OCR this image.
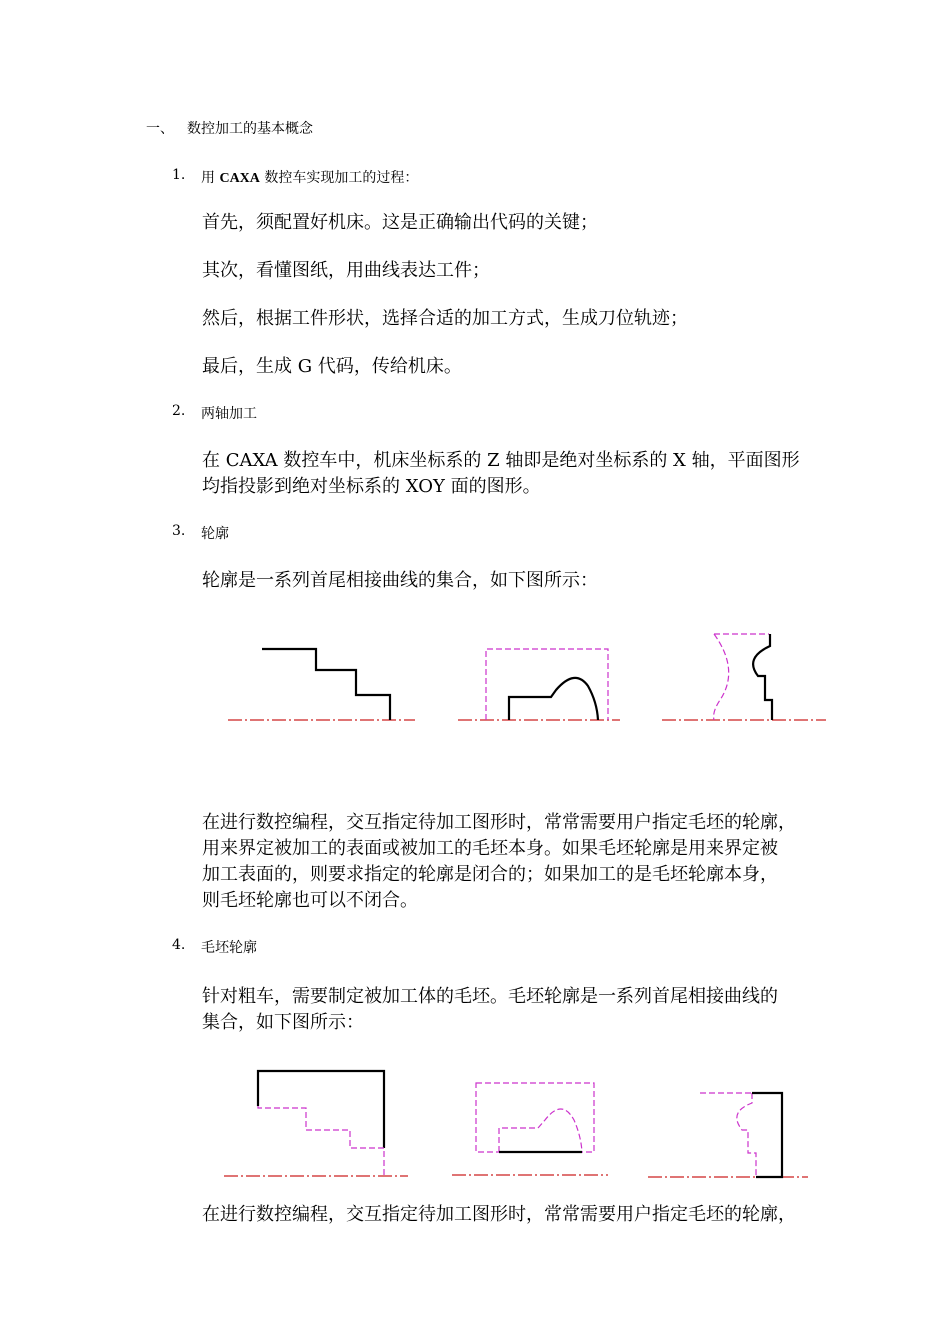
一、 数控加工的基本概念
1. 用 CAXA 数控车实现加工的过程：
首先，须配置好机床。这是正确输出代码的关键；
其次，看懂图纸，用曲线表达工件；
然后，根据工件形状，选择合适的加工方式，生成刀位轨迹；
最后，生成 G 代码，传给机床。
2. 两轴加工
在 CAXA 数控车中，机床坐标系的 Z 轴即是绝对坐标系的 X 轴，平面图形
均指投影到绝对坐标系的 XOY 面的图形。
3. 轮廓
轮廓是一系列首尾相接曲线的集合，如下图所示：
在进行数控编程，交互指定待加工图形时，常常需要用户指定毛坯的轮廓，
用来界定被加工的表面或被加工的毛坯本身。如果毛坯轮廓是用来界定被
加工表面的，则要求指定的轮廓是闭合的；如果加工的是毛坯轮廓本身，
则毛坯轮廓也可以不闭合。
4. 毛坯轮廓
针对粗车，需要制定被加工体的毛坯。毛坯轮廓是一系列首尾相接曲线的
集合，如下图所示：
在进行数控编程，交互指定待加工图形时，常常需要用户指定毛坯的轮廓，
